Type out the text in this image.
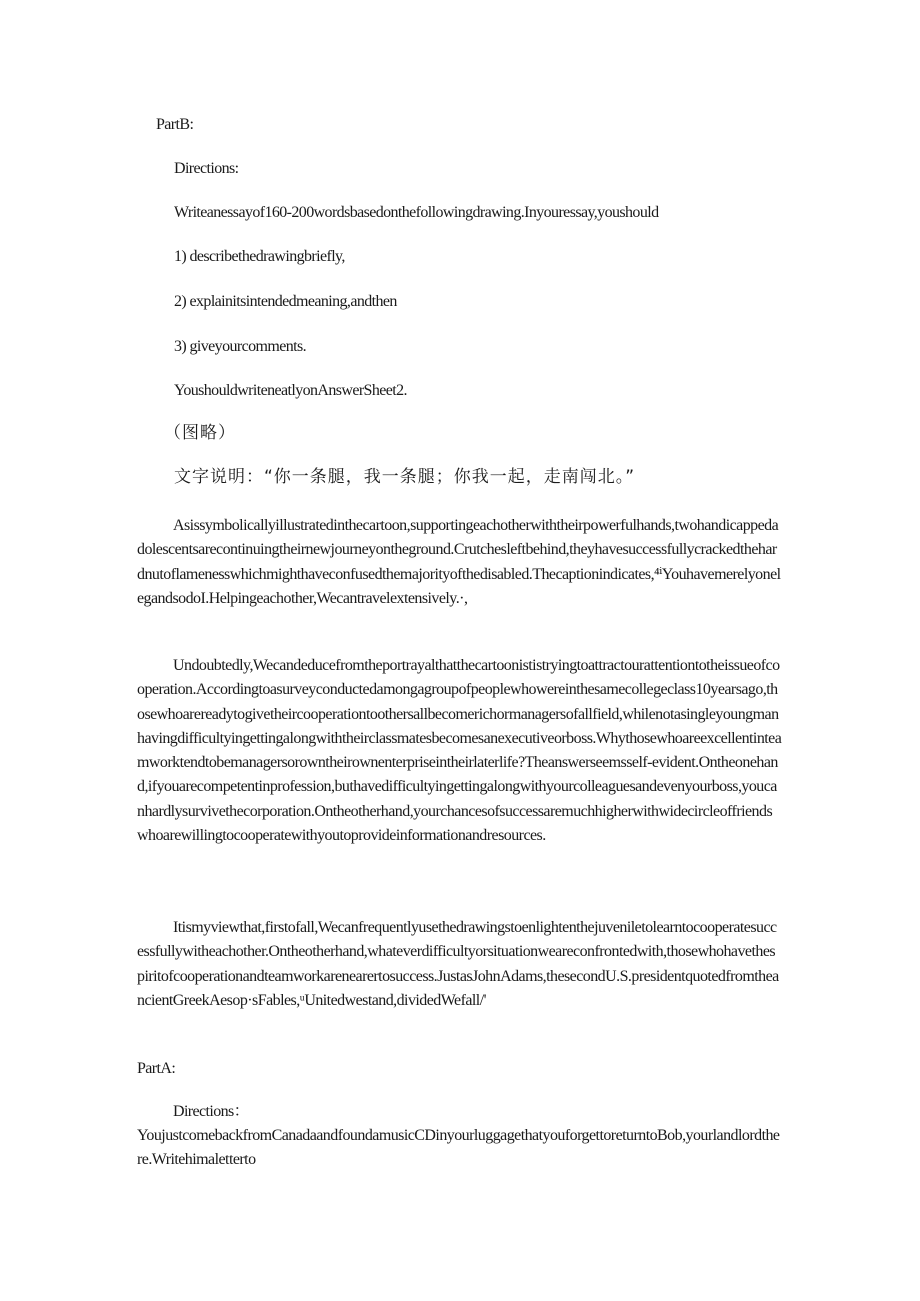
PartB:
Directions:
Writeanessayof160-200wordsbasedonthefollowingdrawing.Inyouressay,youshould
1) describethedrawingbriefly,
2) explainitsintendedmeaning,andthen
3) giveyourcomments.
YoushouldwriteneatlyonAnswerSheet2.
（图略）
文字说明：“你一条腿，我一条腿；你我一起，走南闯北。”
Asissymbolicallyillustratedinthecartoon,supportingeachotherwiththeirpowerfulhands,twohandicappedadolescentsarecontinuingtheirnewjourneyontheground.Crutchesleftbehind,theyhavesuccessfullycrackedthehardnutoflamenesswhichmighthaveconfusedthemajorityofthedisabled.Thecaptionindicates,⁴ⁱYouhavemerelyonelegandsodoI.Helpingeachother,Wecantravelextensively.·,
Undoubtedly,Wecandeducefromtheportrayalthatthecartoonististryingtoattractourattentiontotheissueofcooperation.Accordingtoasurveyconductedamongagroupofpeoplewhowereinthesamecollegeclass10yearsago,thosewhoarereadytogivetheircooperationtoothersallbecomerichormanagersofallfield,whilenotasingleyoungmanhavingdifficultyingettingalongwiththeirclassmatesbecomesanexecutiveorboss.Whythosewhoareexcellentinteamworktendtobemanagersorowntheirownenterpriseintheirlaterlife?Theanswerseemsself-evident.Ontheonehand,ifyouarecompetentinprofession,buthavedifficultyingettingalongwithyourcolleaguesandevenyourboss,youcanhardlysurvivethecorporation.Ontheotherhand,yourchancesofsuccessaremuchhigherwithwidecircleoffriendswhoarewillingtocooperatewithyoutoprovideinformationandresources.
Itismyviewthat,firstofall,Wecanfrequentlyusethedrawingstoenlightenthejuveniletolearntocooperatesuccessfullywitheachother.Ontheotherhand,whateverdifficultyorsituationweareconfrontedwith,thosewhohavethespiritofcooperationandteamworkarenearertosuccess.JustasJohnAdams,thesecondU.S.presidentquotedfromtheancientGreekAesop·sFables,ᵘUnitedwestand,dividedWefall/'
PartA:
Directions：
YoujustcomebackfromCanadaandfoundamusicCDinyourluggagethatyouforgettoreturntoBob,yourlandlordthere.Writehimaletterto
